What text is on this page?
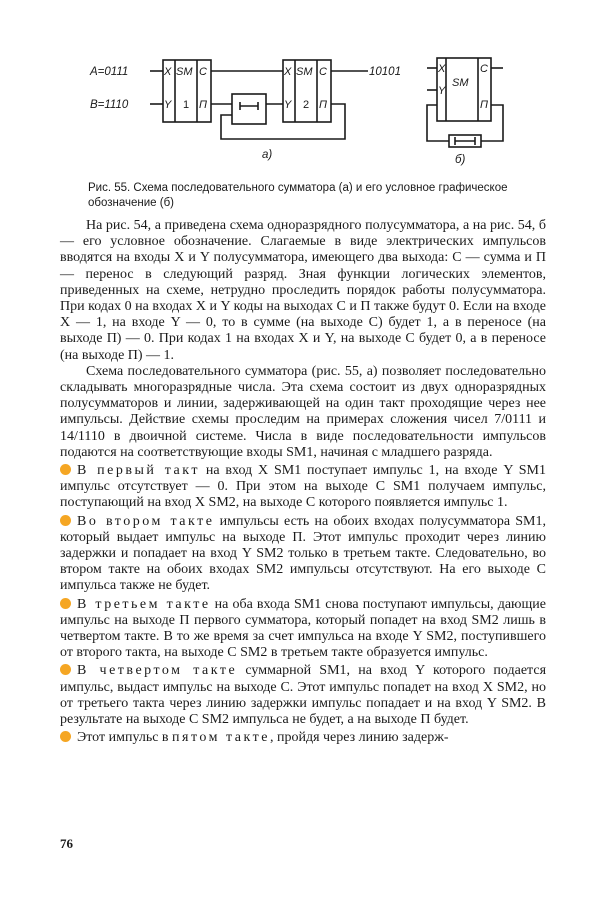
A=0111
B=1110
X
Y
SM
1
C
П
X
Y
SM
2
C
П
10101	X
Y
SM
C
П
а)	б)
Рис. 55. Схема последовательного сумматора (а) и его условное графическое обозначение (б)

На рис. 54, а приведена схема одноразрядного полусумматора, а на рис. 54, б — его условное обозначение. Слагаемые в виде электрических импульсов вводятся на входы X и Y полусумматора, имеющего два выхода: С — сумма и П — перенос в следующий разряд. Зная функции логических элементов, приведенных на схеме, нетрудно проследить порядок работы полусумматора. При кодах 0 на входах X и Y коды на выходах С и П также будут 0. Если на входе X — 1, на входе Y — 0, то в сумме (на выходе С) будет 1, а в переносе (на выходе П) — 0. При кодах 1 на входах X и Y, на выходе С будет 0, а в переносе (на выходе П) — 1.

Схема последовательного сумматора (рис. 55, а) позволяет последовательно складывать многоразрядные числа. Эта схема состоит из двух одноразрядных полусумматоров и линии, задерживающей на один такт проходящие через нее импульсы. Действие схемы проследим на примерах сложения чисел 7/0111 и 14/1110 в двоичной системе. Числа в виде последовательности импульсов подаются на соответствующие входы SM1, начиная с младшего разряда.

В первый такт на вход X SM1 поступает импульс 1, на входе Y SM1 импульс отсутствует — 0. При этом на выходе С SM1 получаем импульс, поступающий на вход X SM2, на выходе С которого появляется импульс 1.

Во втором такте импульсы есть на обоих входах полусумматора SM1, который выдает импульс на выходе П. Этот импульс проходит через линию задержки и попадает на вход Y SM2 только в третьем такте. Следовательно, во втором такте на обоих входах SM2 импульсы отсутствуют. На его выходе С импульса также не будет.

В третьем такте на оба входа SM1 снова поступают импульсы, дающие импульс на выходе П первого сумматора, который попадет на вход SM2 лишь в четвертом такте. В то же время за счет импульса на входе Y SM2, поступившего от второго такта, на выходе С SM2 в третьем такте образуется импульс.

В четвертом такте суммарной SM1, на вход Y которого подается импульс, выдаст импульс на выходе С. Этот импульс попадет на вход X SM2, но от третьего такта через линию задержки импульс попадает и на вход Y SM2. В результате на выходе С SM2 импульса не будет, а на выходе П будет.

Этот импульс в пятом такте, пройдя через линию задерж-

76
